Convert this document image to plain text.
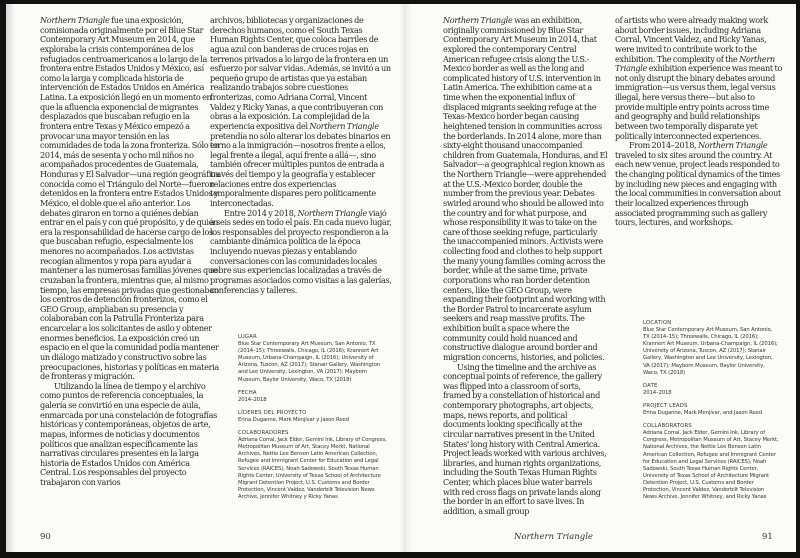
Northern Triangle fue una exposición, comisionada originalmente por el Blue Star Contemporary Art Museum en 2014, que exploraba la crisis contemporánea de los refugiados centroamericanos a lo largo de la frontera entre Estados Unidos y México, así como la larga y complicada historia de intervención de Estados Unidos en América Latina. La exposición llegó en un momento en que la afluencia exponencial de migrantes desplazados que buscaban refugio en la frontera entre Texas y México empezó a provocar una mayor tensión en las comunidades de toda la zona fronteriza. Sólo en 2014, más de sesenta y ocho mil niños no acompañados procedentes de Guatemala, Honduras y El Salvador—una región geográfica conocida como el Triángulo del Norte—fueron detenidos en la frontera entre Estados Unidos y México, el doble que el año anterior. Los debates giraron en torno a quiénes debían entrar en el país y con qué propósito, y de quién era la responsabilidad de hacerse cargo de los que buscaban refugio, especialmente los menores no acompañados. Los activistas recogían alimentos y ropa para ayudar a mantener a las numerosas familias jóvenes que cruzaban la frontera, mientras que, al mismo tiempo, las empresas privadas que gestionaban los centros de detención fronterizos, como el GEO Group, ampliaban su presencia y colaboraban con la Patrulla Fronteriza para encarcelar a los solicitantes de asilo y obtener enormes beneficios. La exposición creó un espacio en el que la comunidad podía mantener un diálogo matizado y constructivo sobre las preocupaciones, historias y políticas en materia de fronteras y migración.

Utilizando la línea de tiempo y el archivo como puntos de referencia conceptuales, la galería se convirtió en una especie de aula, enmarcada por una constelación de fotografías históricas y contemporáneas, objetos de arte, mapas, informes de noticias y documentos políticos que analizan específicamente las narrativas circulares presentes en la larga historia de Estados Unidos con América Central. Los responsables del proyecto trabajaron con varios

archivos, bibliotecas y organizaciones de derechos humanos, como el South Texas Human Rights Center, que coloca barriles de agua azul con banderas de cruces rojas en terrenos privados a lo largo de la frontera en un esfuerzo por salvar vidas. Además, se invitó a un pequeño grupo de artistas que ya estaban realizando trabajos sobre cuestiones fronterizas, como Adriana Corral, Vincent Valdez y Ricky Yanas, a que contribuyeran con obras a la exposición. La complejidad de la experiencia expositiva del Northern Triangle pretendía no sólo alterar los debates binarios en torno a la inmigración—nosotros frente a ellos, legal frente a ilegal, aquí frente a allá—, sino también ofrecer múltiples puntos de entrada a través del tiempo y la geografía y establecer relaciones entre dos experiencias temporalmente dispares pero políticamente interconectadas.

Entre 2014 y 2018, Northern Triangle viajó a seis sedes en todo el país. En cada nuevo lugar, los responsables del proyecto respondieron a la cambiante dinámica política de la época incluyendo nuevas piezas y entablando conversaciones con las comunidades locales sobre sus experiencias localizadas a través de programas asociados como visitas a las galerías, conferencias y talleres.

LUGAR
Blue Star Contemporary Art Museum, San Antonio, TX (2014–15); Threewalls, Chicago, IL (2016); Krannert Art Museum, Urbana-Champaign, IL (2016); University of Arizona, Tuscon, AZ (2017); Stanair Gallery, Washington and Lee University, Lexington, VA (2017); Mayborn Museum, Baylor University, Waco, TX (2018)
FECHA
2014–2018
LÍDERES DEL PROYECTO
Erina Duganne, Mark Menjívar y Jason Reed
COLABORADORES
Adriana Corral, Jack Elder, Gemini Ink, Library of Congress, Metropolitan Museum of Art, Stacey Merkt, National Archives, Nettie Lee Benson Latin American Collection, Refugee and Immigrant Center for Education and Legal Services (RAICES), Noah Sadowski, South Texas Human Rights Center, University of Texas School of Architecture Migrant Detention Project, U.S. Customs and Border Protection, Vincent Valdez, Vanderbilt Television News Archive, Jennifer Whitney y Ricky Yanas
90

Northern Triangle was an exhibition, originally commissioned by Blue Star Contemporary Art Museum in 2014, that explored the contemporary Central American refugee crisis along the U.S.-Mexico border as well as the long and complicated history of U.S. intervention in Latin America. The exhibition came at a time when the exponential influx of displaced migrants seeking refuge at the Texas-Mexico border began causing heightened tension in communities across the borderlands. In 2014 alone, more than sixty-eight thousand unaccompanied children from Guatemala, Honduras, and El Salvador—a geographical region known as the Northern Triangle—were apprehended at the U.S.-Mexico border, double the number from the previous year. Debates swirled around who should be allowed into the country and for what purpose, and whose responsibility it was to take on the care of those seeking refuge, particularly the unaccompanied minors. Activists were collecting food and clothes to help support the many young families coming across the border, while at the same time, private corporations who ran border detention centers, like the GEO Group, were expanding their footprint and working with the Border Patrol to incarcerate asylum seekers and reap massive profits. The exhibition built a space where the community could hold nuanced and constructive dialogue around border and migration concerns, histories, and policies.

Using the timeline and the archive as conceptual points of reference, the gallery was flipped into a classroom of sorts, framed by a constellation of historical and contemporary photographs, art objects, maps, news reports, and political documents looking specifically at the circular narratives present in the United States' long history with Central America. Project leads worked with various archives, libraries, and human rights organizations, including the South Texas Human Rights Center, which places blue water barrels with red cross flags on private lands along the border in an effort to save lives. In addition, a small group

of artists who were already making work about border issues, including Adriana Corral, Vincent Valdez, and Ricky Yanas, were invited to contribute work to the exhibition. The complexity of the Northern Triangle exhibition experience was meant to not only disrupt the binary debates around immigration—us versus them, legal versus illegal, here versus there—but also to provide multiple entry points across time and geography and build relationships between two temporally disparate yet politically interconnected experiences.

From 2014–2018, Northern Triangle traveled to six sites around the country. At each new venue, project leads responded to the changing political dynamics of the times by including new pieces and engaging with the local communities in conversation about their localized experiences through associated programming such as gallery tours, lectures, and workshops.

LOCATION
Blue Star Contemporary Art Museum, San Antonio, TX (2014–15); Threewalls, Chicago, IL (2016); Krannert Art Museum, Urbana-Champaign, IL (2016); University of Arizona, Tuscon, AZ (2017); Stanair Gallery, Washington and Lee University, Lexington, VA (2017); Mayborn Museum, Baylor University, Waco, TX (2018)
DATE
2014–2018
PROJECT LEADS
Erina Duganne, Mark Menjívar, and Jason Reed
COLLABORATORS
Adriana Corral, Jack Elder, Gemini Ink, Library of Congress, Metropolitan Museum of Art, Stacey Merkt, National Archives, the Nettie Lee Benson Latin American Collection, Refugee and Immigrant Center for Education and Legal Services (RAICES), Noah Sadowski, South Texas Human Rights Center, University of Texas School of Architecture Migrant Detention Project, U.S. Customs and Border Protection, Vincent Valdez, Vanderbilt Television News Archive, Jennifer Whitney, and Ricky Yanas
Northern Triangle	91
